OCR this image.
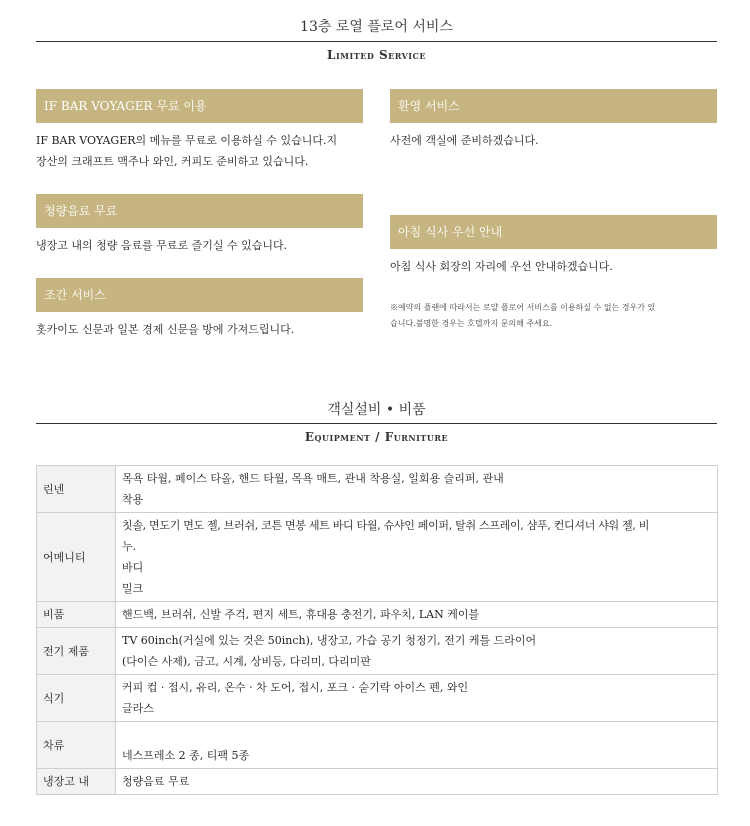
13층 로열 플로어 서비스
Limited Service
IF BAR VOYAGER 무료 이용
IF BAR VOYAGER의 메뉴를 무료로 이용하실 수 있습니다.지
장산의 크래프트 맥주나 와인, 커피도 준비하고 있습니다.
청량음료 무료
냉장고 내의 청량 음료를 무료로 즐기실 수 있습니다.
조간 서비스
홋카이도 신문과 일본 경제 신문을 방에 가져드립니다.
환영 서비스
사전에 객실에 준비하겠습니다.
아침 식사 우선 안내
아침 식사 회장의 자리에 우선 안내하겠습니다.
※예약의 플랜에 따라서는 로얄 플로어 서비스를 이용하실 수 없는 경우가 있
습니다.불명한 경우는 호텔까지 문의해 주세요.
객실설비 • 비품
Equipment / Furniture
린넨	목욕 타월, 페이스 타올, 핸드 타월, 목욕 매트, 관내 착용실, 일회용 슬리퍼, 관내
착용

어메니티	칫솔, 면도기 면도 젤, 브러쉬, 코튼 면봉 세트 바디 타월, 슈샤인 페이퍼, 탈취 스프레이, 샴푸, 컨디셔너 샤워 젤, 비
누.
바디
밀크

비품	핸드백, 브러쉬, 신발 주걱, 편지 세트, 휴대용 충전기, 파우치, LAN 케이블

전기 제품	TV 60inch(거실에 있는 것은 50inch), 냉장고, 가습 공기 청정기, 전기 케틀 드라이어
(다이슨 사제), 금고, 시계, 상비등, 다리미, 다리미판

식기	커피 컵 · 접시, 유리, 온수 · 차 도어, 접시, 포크 · 숟기락 아이스 펜, 와인
글라스

차류	네스프레소 2 종, 티팩 5종

냉장고 내	청량음료 무료
